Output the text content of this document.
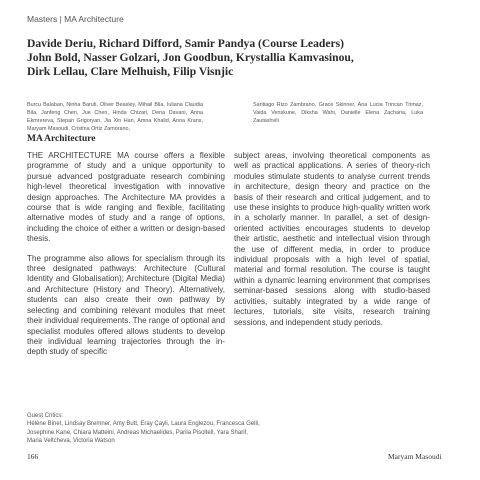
Masters | MA Architecture
Davide Deriu, Richard Difford, Samir Pandya (Course Leaders) John Bold, Nasser Golzari, Jon Goodbun, Krystallia Kamvasinou, Dirk Lellau, Clare Melhuish, Filip Visnjic
Burcu Balaban, Ninha Baruti, Oliver Beasley, Mihail Bila, Iuliana Claudia Bila, Janfeng Chen, Jue Chen, Hinda Chizari, Dena Davani, Anna Ekmrereva, Stepan Grigoryan, Jia Xin Han, Amna Khalid, Anna Krans, Maryam Masoudi, Cristina Ortiz Zamorano,
Santiago Rizo Zambrano, Grace Skinner, Ana Lucia Trincan Trimaz, Vaida Venskune, Diksha Wahi, Danielle Elena Zacharia, Luka Zautashvili
MA Architecture

THE ARCHITECTURE MA course offers a flexible programme of study and a unique opportunity to pursue advanced postgraduate research combining high-level theoretical investigation with innovative design approaches. The Architecture MA provides a course that is wide ranging and flexible, facilitating alternative modes of study and a range of options, including the choice of either a written or design-based thesis.

The programme also allows for specialism through its three designated pathways: Architecture (Cultural Identity and Globalisation); Architecture (Digital Media) and Architecture (History and Theory). Alternatively, students can also create their own pathway by selecting and combining relevant modules that meet their individual requirements. The range of optional and specialist modules offered allows students to develop their individual learning trajectories through the in-depth study of specific

subject areas, involving theoretical components as well as practical applications. A series of theory-rich modules stimulate students to analyse current trends in architecture, design theory and practice on the basis of their research and critical judgement, and to use these insights to produce high-quality written work in a scholarly manner. In parallel, a set of design-oriented activities encourages students to develop their artistic, aesthetic and intellectual vision through the use of different media, in order to produce individual proposals with a high level of spatial, material and formal resolution. The course is taught within a dynamic learning environment that comprises seminar-based sessions along with studio-based activities, suitably integrated by a wide range of lectures, tutorials, site visits, research training sessions, and independent study periods.

Guest Critics:
Hélène Binet, Lindsay Bremner, Amy Butt, Eray Çayli, Laura Englezou, Francesca Gelli,
Josephine Kane, Chiara Matteini, Andreas Michaelides, Parila Pisoltell, Yara Sharif,
Maria Veltcheva, Victoria Watson
166	Maryam Masoudi
